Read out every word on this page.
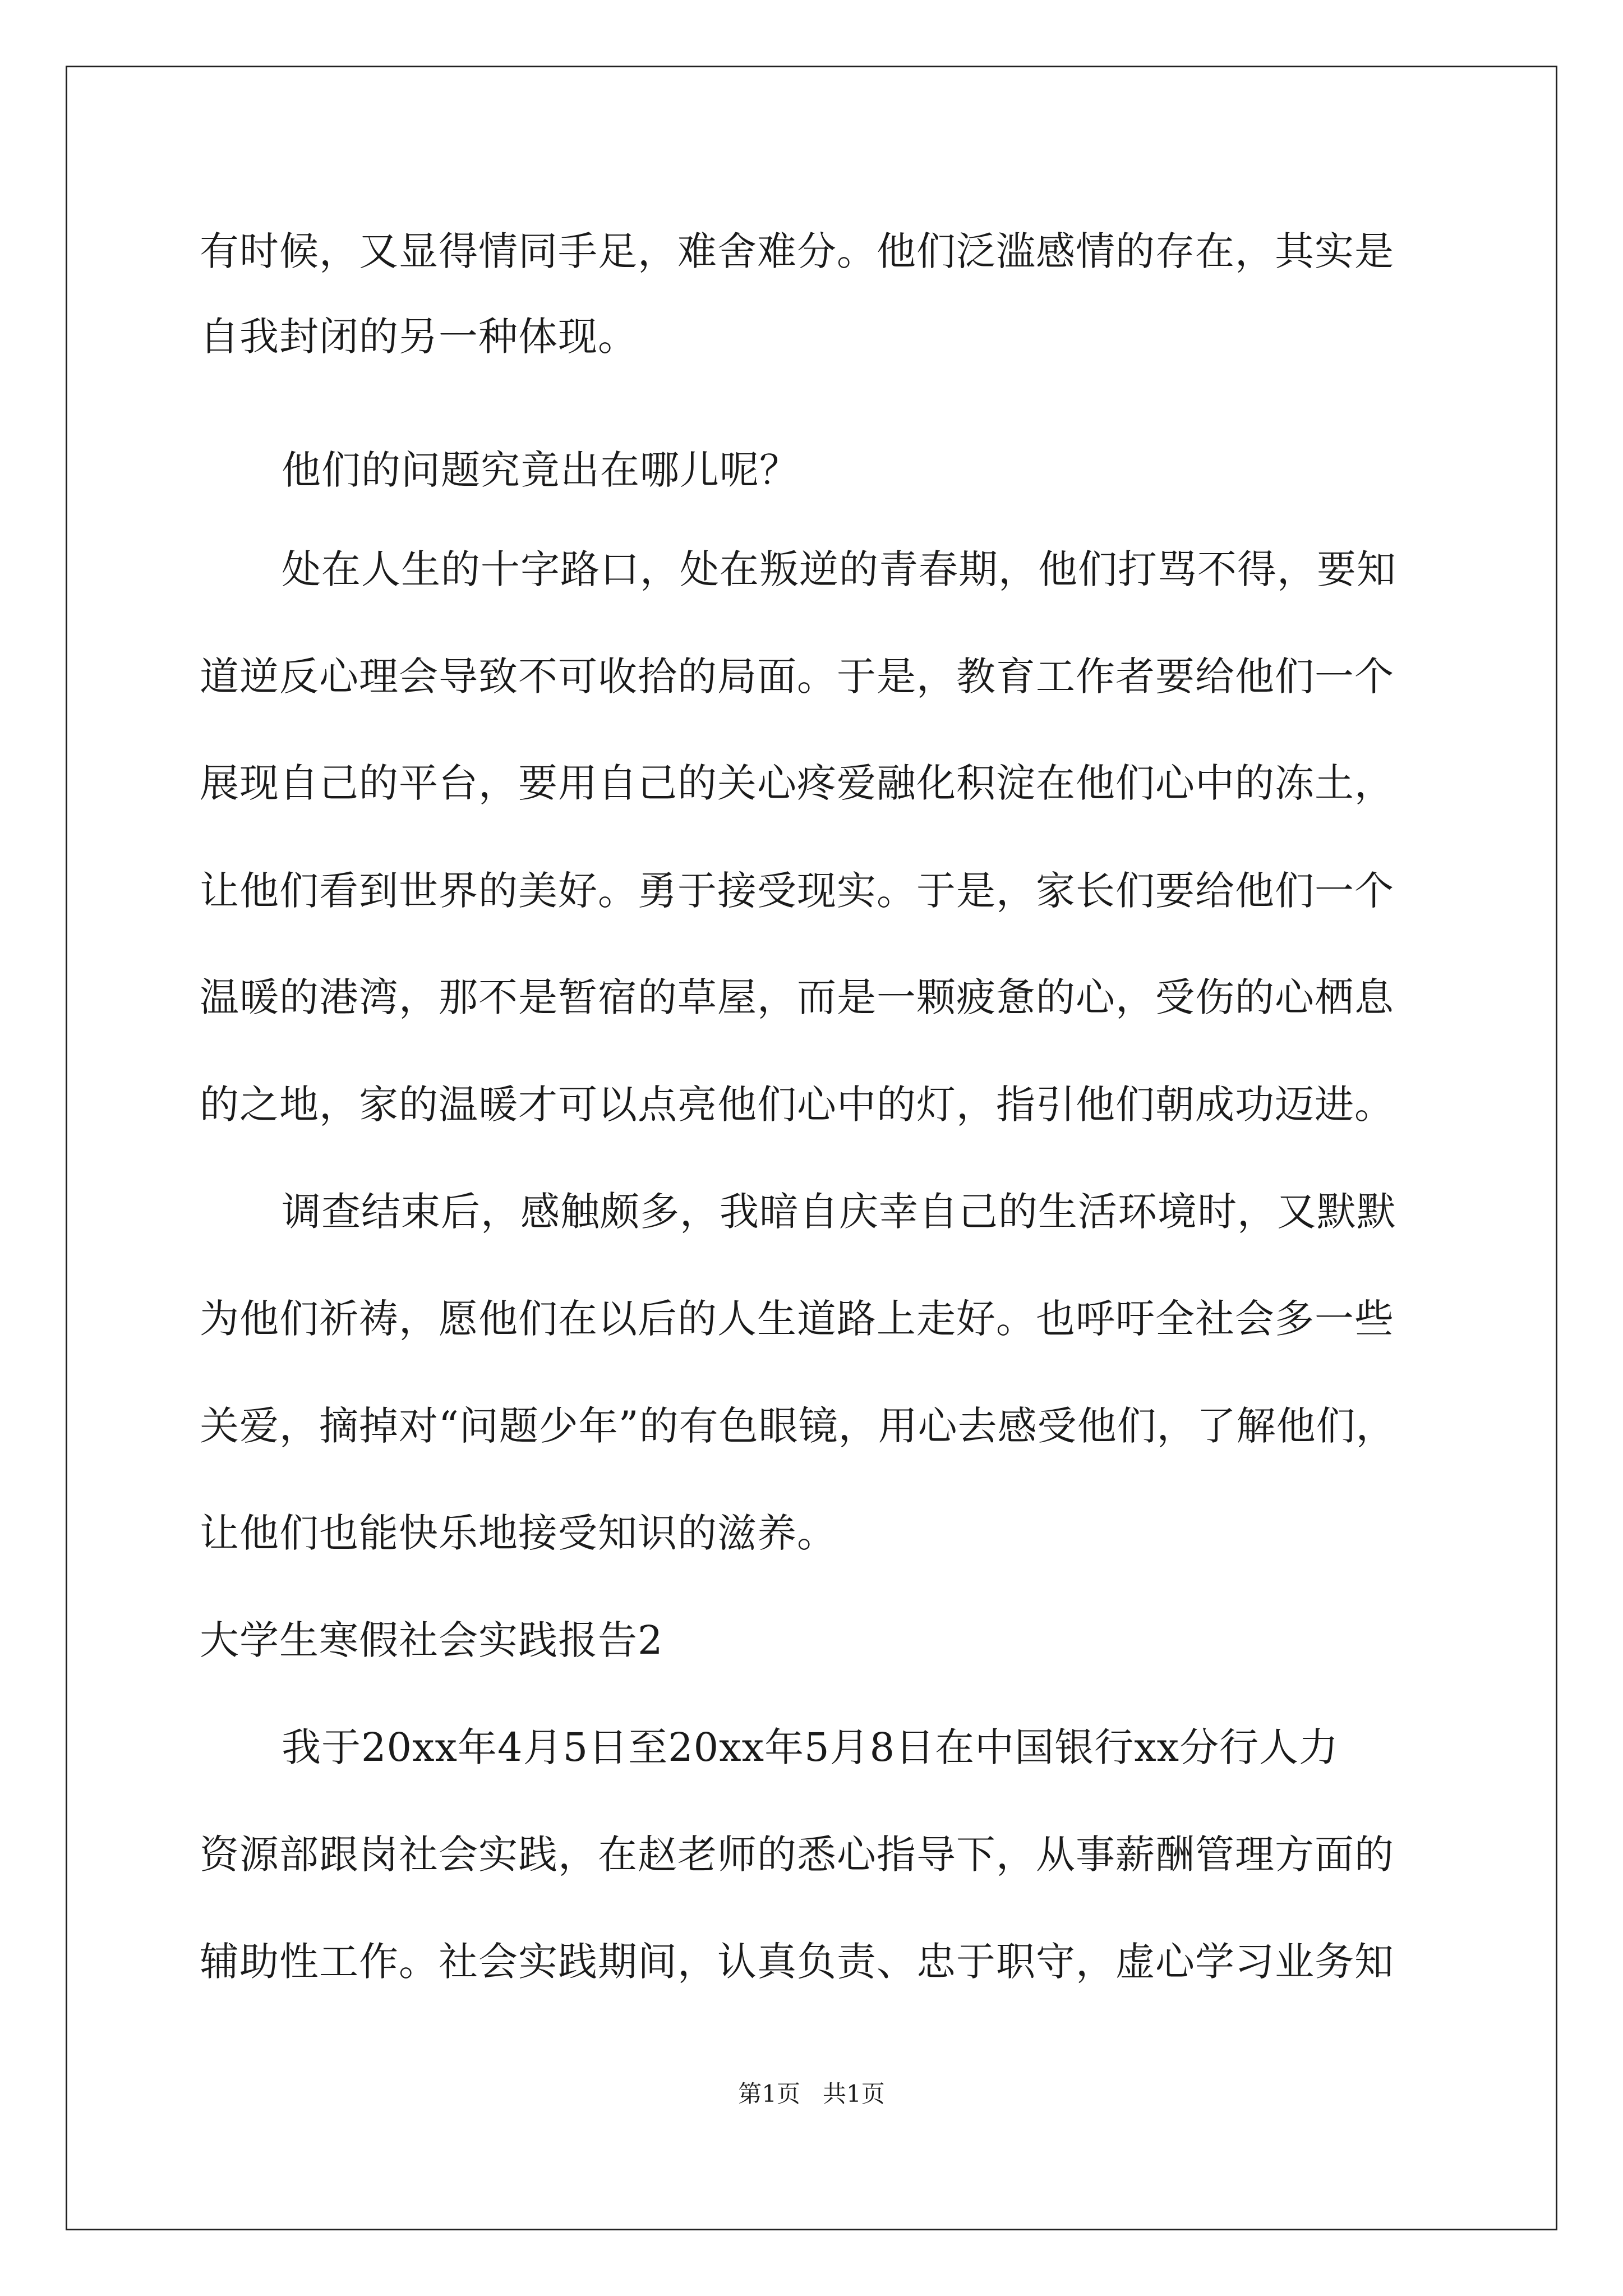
有时候，又显得情同手足，难舍难分。他们泛滥感情的存在，其实是
自我封闭的另一种体现。
他们的问题究竟出在哪儿呢？
处在人生的十字路口，处在叛逆的青春期，他们打骂不得，要知
道逆反心理会导致不可收拾的局面。于是，教育工作者要给他们一个
展现自己的平台，要用自己的关心疼爱融化积淀在他们心中的冻土，
让他们看到世界的美好。勇于接受现实。于是，家长们要给他们一个
温暖的港湾，那不是暂宿的草屋，而是一颗疲惫的心，受伤的心栖息
的之地，家的温暖才可以点亮他们心中的灯，指引他们朝成功迈进。
调查结束后，感触颇多，我暗自庆幸自己的生活环境时，又默默
为他们祈祷，愿他们在以后的人生道路上走好。也呼吁全社会多一些
关爱，摘掉对“问题少年”的有色眼镜，用心去感受他们，了解他们，
让他们也能快乐地接受知识的滋养。
大学生寒假社会实践报告2
我于20xx年4月5日至20xx年5月8日在中国银行xx分行人力
资源部跟岗社会实践，在赵老师的悉心指导下，从事薪酬管理方面的
辅助性工作。社会实践期间，认真负责、忠于职守，虚心学习业务知
第1页   共1页
